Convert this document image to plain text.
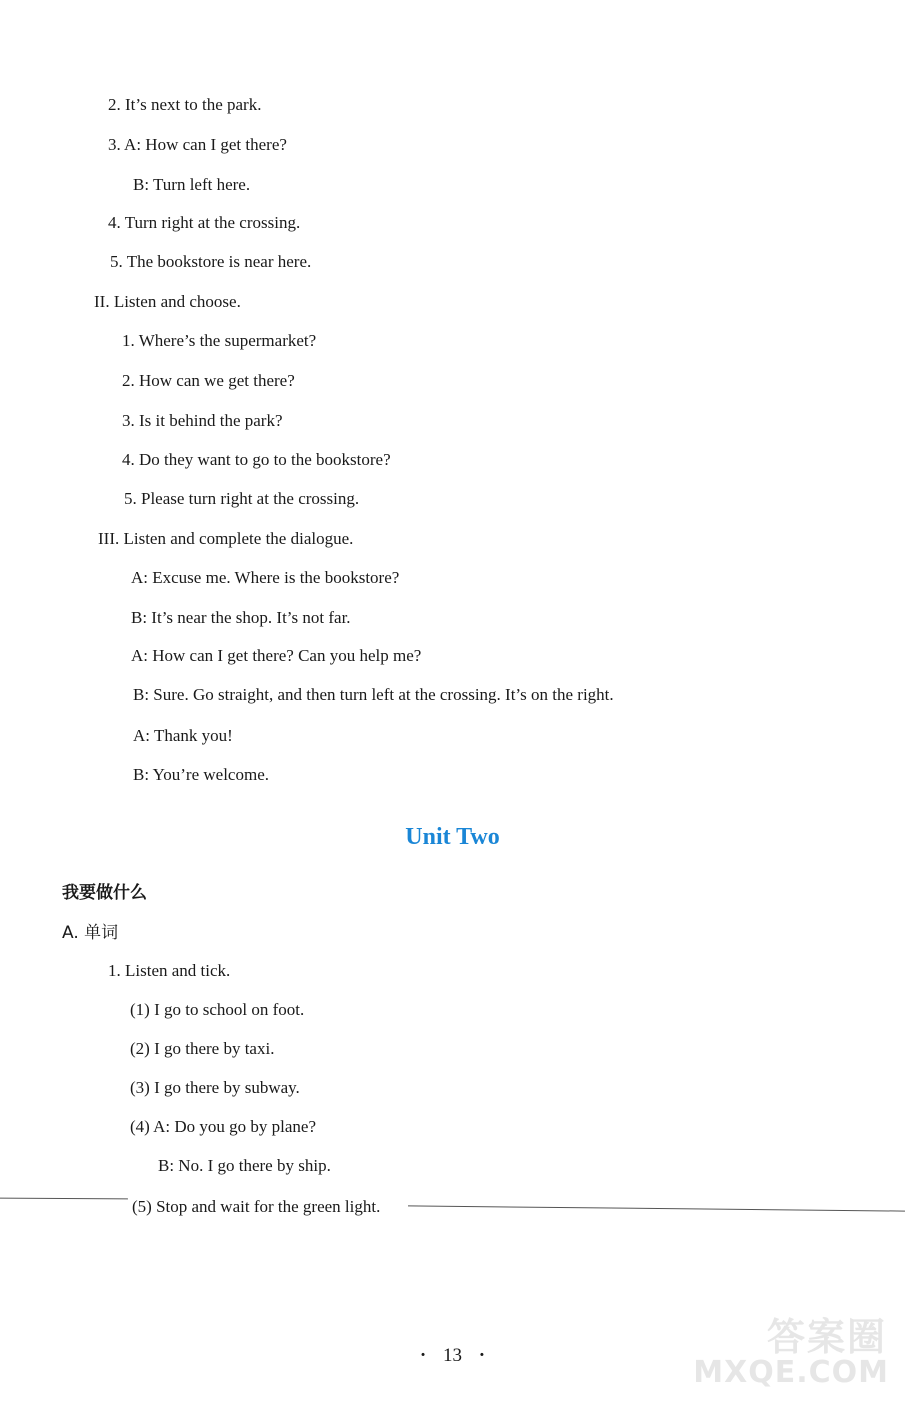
2. It’s next to the park.
3. A: How can I get there?
B: Turn left here.
4. Turn right at the crossing.
5. The bookstore is near here.
II. Listen and choose.
1. Where’s the supermarket?
2. How can we get there?
3. Is it behind the park?
4. Do they want to go to the bookstore?
5. Please turn right at the crossing.
III. Listen and complete the dialogue.
A: Excuse me. Where is the bookstore?
B: It’s near the shop. It’s not far.
A: How can I get there? Can you help me?
B: Sure. Go straight, and then turn left at the crossing. It’s on the right.
A: Thank you!
B: You’re welcome.
Unit Two
我要做什么
A. 单词
1. Listen and tick.
(1) I go to school on foot.
(2) I go there by taxi.
(3) I go there by subway.
(4) A: Do you go by plane?
B: No. I go there by ship.
(5) Stop and wait for the green light.
· 13 ·	答案圈
MXQE.COM
